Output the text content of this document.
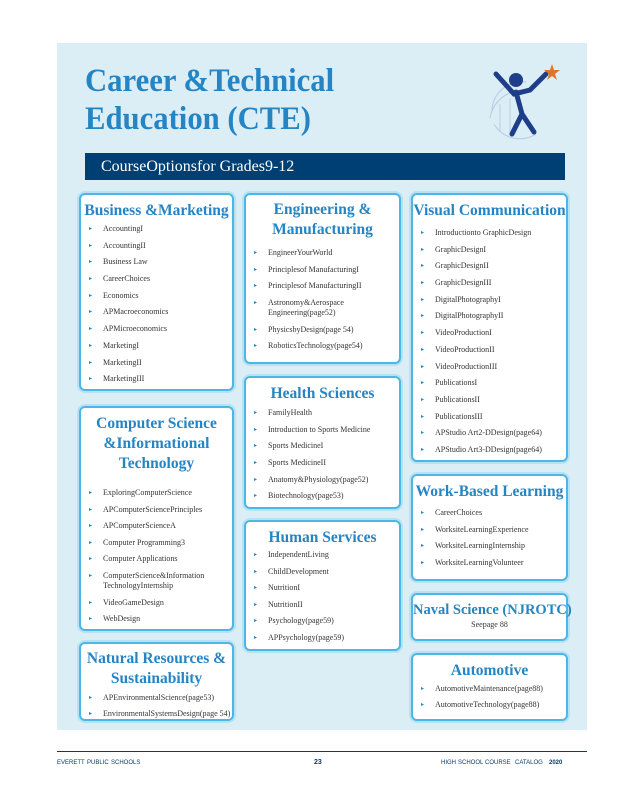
Career &Technical
Education (CTE)
CourseOptionsfor Grades9-12
Business &Marketing
▸ AccountingI
▸ AccountingII
▸ Business Law
▸ CareerChoices
▸ Economics
▸ APMacroeconomics
▸ APMicroeconomics
▸ MarketingI
▸ MarketingII
▸ MarketingIII
Engineering &
Manufacturing
▸ EngineerYourWorld
▸ Principlesof ManufacturingI
▸ Principlesof ManufacturingII
▸ Astronomy&Aerospace Engineering(page52)
▸ PhysicsbyDesign(page 54)
▸ RoboticsTechnology(page54)
Visual Communication
▸ Introductionto GraphicDesign
▸ GraphicDesignI
▸ GraphicDesignII
▸ GraphicDesignIII
▸ DigitalPhotographyI
▸ DigitalPhotographyII
▸ VideoProductionI
▸ VideoProductionII
▸ VideoProductionIII
▸ PublicationsI
▸ PublicationsII
▸ PublicationsIII
▸ APStudio Art2-DDesign(page64)
▸ APStudio Art3-DDesign(page64)
Health Sciences
▸ FamilyHealth
▸ Introduction to Sports Medicine
▸ Sports MedicineI
▸ Sports MedicineII
▸ Anatomy&Physiology(page52)
▸ Biotechnology(page53)
Computer Science
&Informational
Technology
▸ ExploringComputerScience
▸ APComputerSciencePrinciples
▸ APComputerScienceA
▸ Computer Programming3
▸ Computer Applications
▸ ComputerScience&Information TechnologyInternship
▸ VideoGameDesign
▸ WebDesign
Human Services
▸ IndependentLiving
▸ ChildDevelopment
▸ NutritionI
▸ NutritionII
▸ Psychology(page59)
▸ APPsychology(page59)
Work-Based Learning
▸ CareerChoices
▸ WorksiteLearningExperience
▸ WorksiteLearningInternship
▸ WorksiteLearningVolunteer
Naval Science (NJROTC)
Seepage 88
Natural Resources &
Sustainability
▸ APEnvironmentalScience(page53)
▸ EnvironmentalSystemsDesign(page 54)
Automotive
▸ AutomotiveMaintenance(page88)
▸ AutomotiveTechnology(page88)
EVERETT PUBLIC SCHOOLS	23	HIGH SCHOOL COURSE CATALOG 2020
